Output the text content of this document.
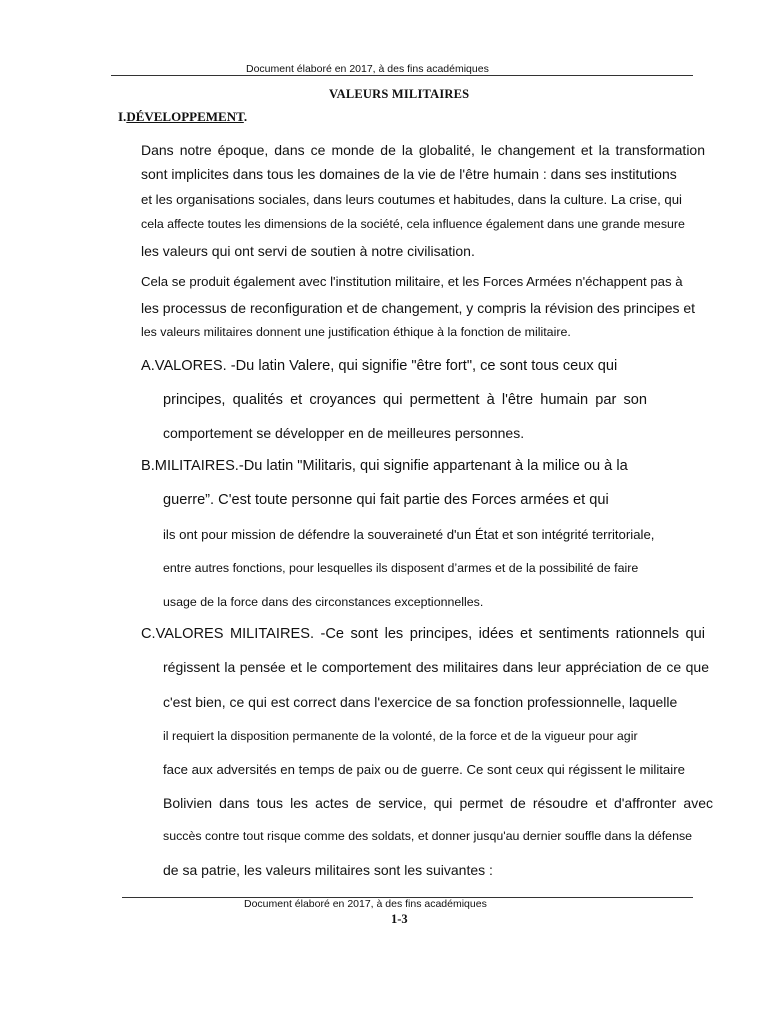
Document élaboré en 2017, à des fins académiques
VALEURS MILITAIRES
I.DÉVELOPPEMENT.
Dans notre époque, dans ce monde de la globalité, le changement et la transformation
sont implicites dans tous les domaines de la vie de l'être humain : dans ses institutions
et les organisations sociales, dans leurs coutumes et habitudes, dans la culture. La crise, qui
cela affecte toutes les dimensions de la société, cela influence également dans une grande mesure
les valeurs qui ont servi de soutien à notre civilisation.
Cela se produit également avec l'institution militaire, et les Forces Armées n'échappent pas à
les processus de reconfiguration et de changement, y compris la révision des principes et
les valeurs militaires donnent une justification éthique à la fonction de militaire.
A.VALORES. -Du latin Valere, qui signifie "être fort", ce sont tous ceux qui
principes, qualités et croyances qui permettent à l'être humain par son
comportement se développer en de meilleures personnes.
B.MILITAIRES.-Du latin "Militaris, qui signifie appartenant à la milice ou à la
guerre”. C'est toute personne qui fait partie des Forces armées et qui
ils ont pour mission de défendre la souveraineté d'un État et son intégrité territoriale,
entre autres fonctions, pour lesquelles ils disposent d’armes et de la possibilité de faire
usage de la force dans des circonstances exceptionnelles.
C.VALORES MILITAIRES. -Ce sont les principes, idées et sentiments rationnels qui
régissent la pensée et le comportement des militaires dans leur appréciation de ce que
c'est bien, ce qui est correct dans l'exercice de sa fonction professionnelle, laquelle
il requiert la disposition permanente de la volonté, de la force et de la vigueur pour agir
face aux adversités en temps de paix ou de guerre. Ce sont ceux qui régissent le militaire
Bolivien dans tous les actes de service, qui permet de résoudre et d'affronter avec
succès contre tout risque comme des soldats, et donner jusqu'au dernier souffle dans la défense
de sa patrie, les valeurs militaires sont les suivantes :
Document élaboré en 2017, à des fins académiques
1-3
